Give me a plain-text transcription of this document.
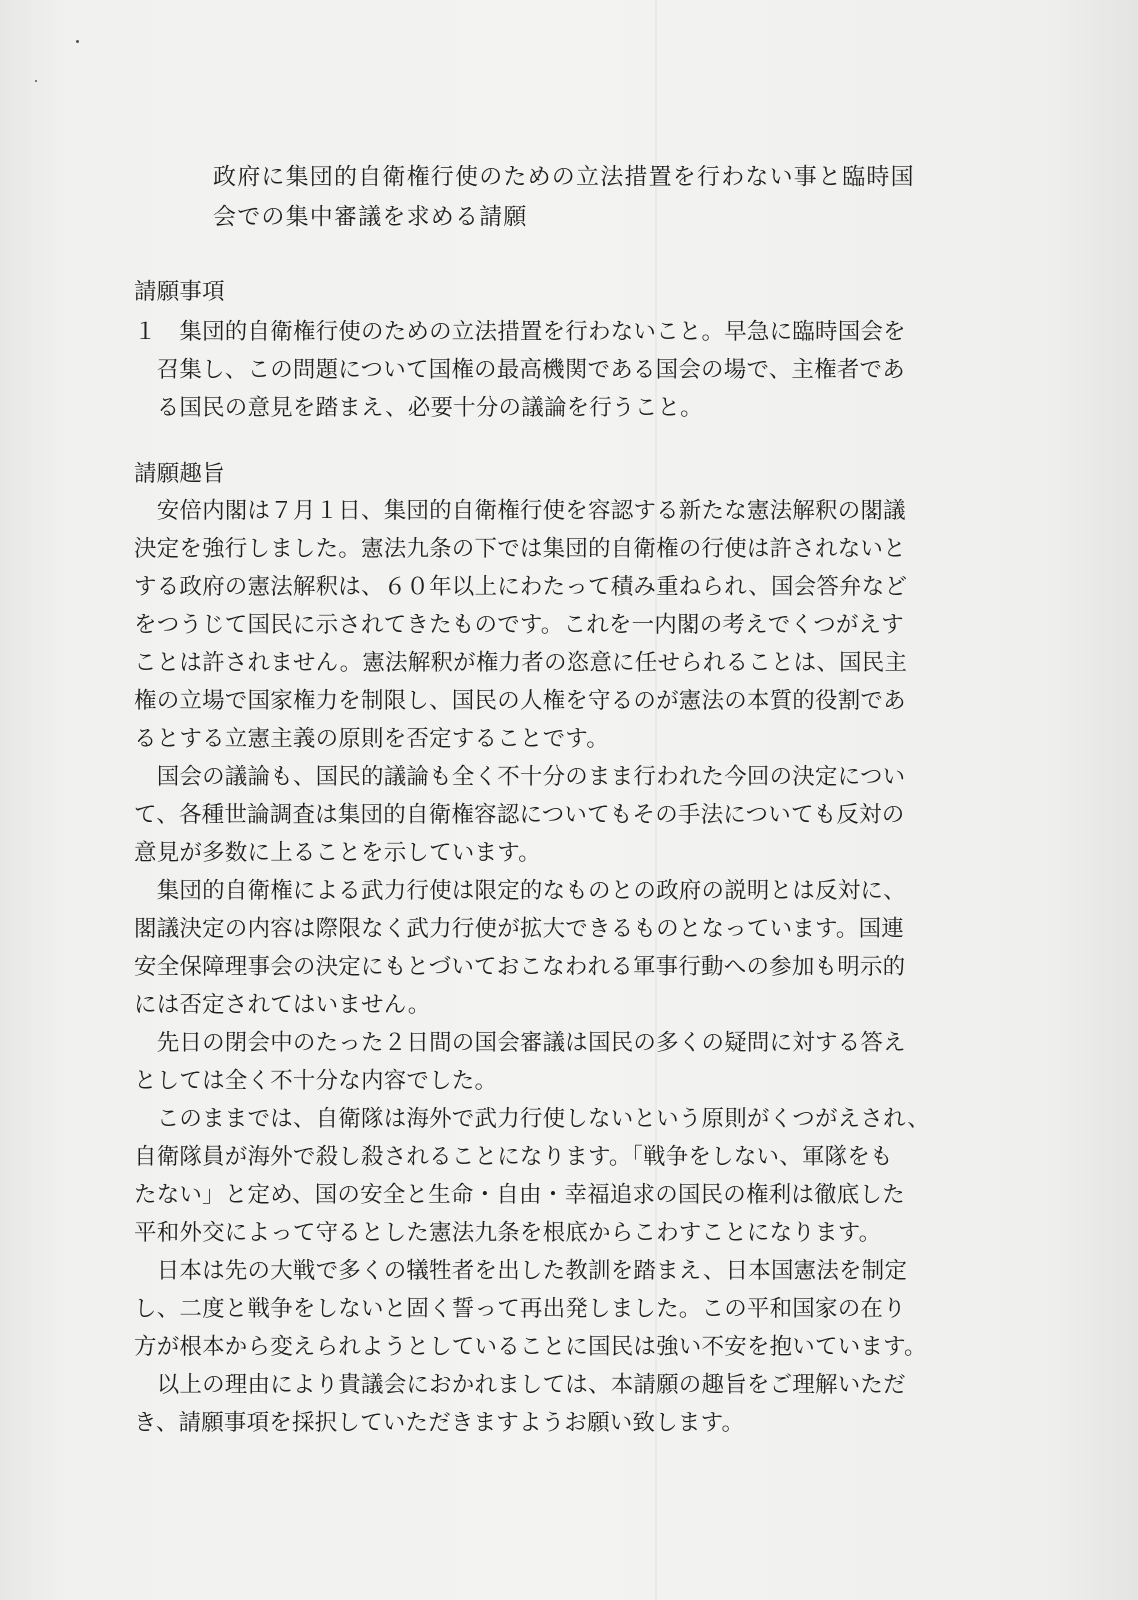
政府に集団的自衛権行使のための立法措置を行わない事と臨時国
会での集中審議を求める請願
請願事項
１　集団的自衛権行使のための立法措置を行わないこと。早急に臨時国会を
　召集し、この問題について国権の最高機関である国会の場で、主権者であ
　る国民の意見を踏まえ、必要十分の議論を行うこと。
請願趣旨
　安倍内閣は７月１日、集団的自衛権行使を容認する新たな憲法解釈の閣議
決定を強行しました。憲法九条の下では集団的自衛権の行使は許されないと
する政府の憲法解釈は、６０年以上にわたって積み重ねられ、国会答弁など
をつうじて国民に示されてきたものです。これを一内閣の考えでくつがえす
ことは許されません。憲法解釈が権力者の恣意に任せられることは、国民主
権の立場で国家権力を制限し、国民の人権を守るのが憲法の本質的役割であ
るとする立憲主義の原則を否定することです。
　国会の議論も、国民的議論も全く不十分のまま行われた今回の決定につい
て、各種世論調査は集団的自衛権容認についてもその手法についても反対の
意見が多数に上ることを示しています。
　集団的自衛権による武力行使は限定的なものとの政府の説明とは反対に、
閣議決定の内容は際限なく武力行使が拡大できるものとなっています。国連
安全保障理事会の決定にもとづいておこなわれる軍事行動への参加も明示的
には否定されてはいません。
　先日の閉会中のたった２日間の国会審議は国民の多くの疑問に対する答え
としては全く不十分な内容でした。
　このままでは、自衛隊は海外で武力行使しないという原則がくつがえされ、
自衛隊員が海外で殺し殺されることになります。「戦争をしない、軍隊をも
たない」と定め、国の安全と生命・自由・幸福追求の国民の権利は徹底した
平和外交によって守るとした憲法九条を根底からこわすことになります。
　日本は先の大戦で多くの犠牲者を出した教訓を踏まえ、日本国憲法を制定
し、二度と戦争をしないと固く誓って再出発しました。この平和国家の在り
方が根本から変えられようとしていることに国民は強い不安を抱いています。
　以上の理由により貴議会におかれましては、本請願の趣旨をご理解いただ
き、請願事項を採択していただきますようお願い致します。
